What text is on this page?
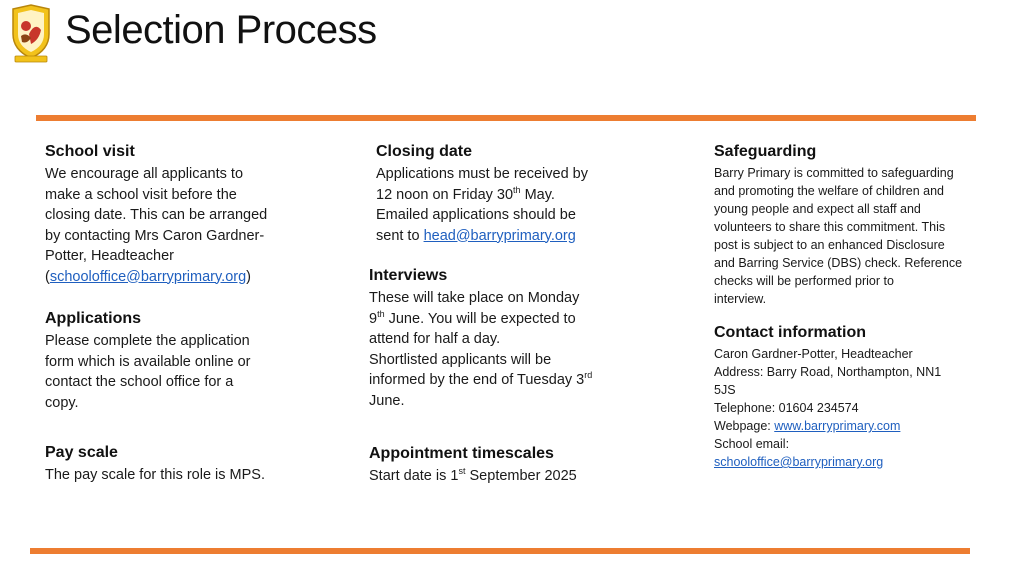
Selection Process
School visit

We encourage all applicants to
make a school visit before the
closing date. This can be arranged
by contacting Mrs Caron Gardner-
Potter, Headteacher
(schooloffice@barryprimary.org)

Applications

Please complete the application
form which is available online or
contact the school office for a
copy.

Pay scale

The pay scale for this role is MPS.

Closing date

Applications must be received by
12 noon on Friday 30th May.
Emailed applications should be
sent to head@barryprimary.org

Interviews

These will take place on Monday
9th June. You will be expected to
attend for half a day.
Shortlisted applicants will be
informed by the end of Tuesday 3rd
June.

Appointment timescales

Start date is 1st September 2025

Safeguarding

Barry Primary is committed to safeguarding
and promoting the welfare of children and
young people and expect all staff and
volunteers to share this commitment. This
post is subject to an enhanced Disclosure
and Barring Service (DBS) check. Reference
checks will be performed prior to
interview.

Contact information

Caron Gardner-Potter, Headteacher
Address: Barry Road, Northampton, NN1
5JS
Telephone: 01604 234574
Webpage: www.barryprimary.com
School email:
schooloffice@barryprimary.org
